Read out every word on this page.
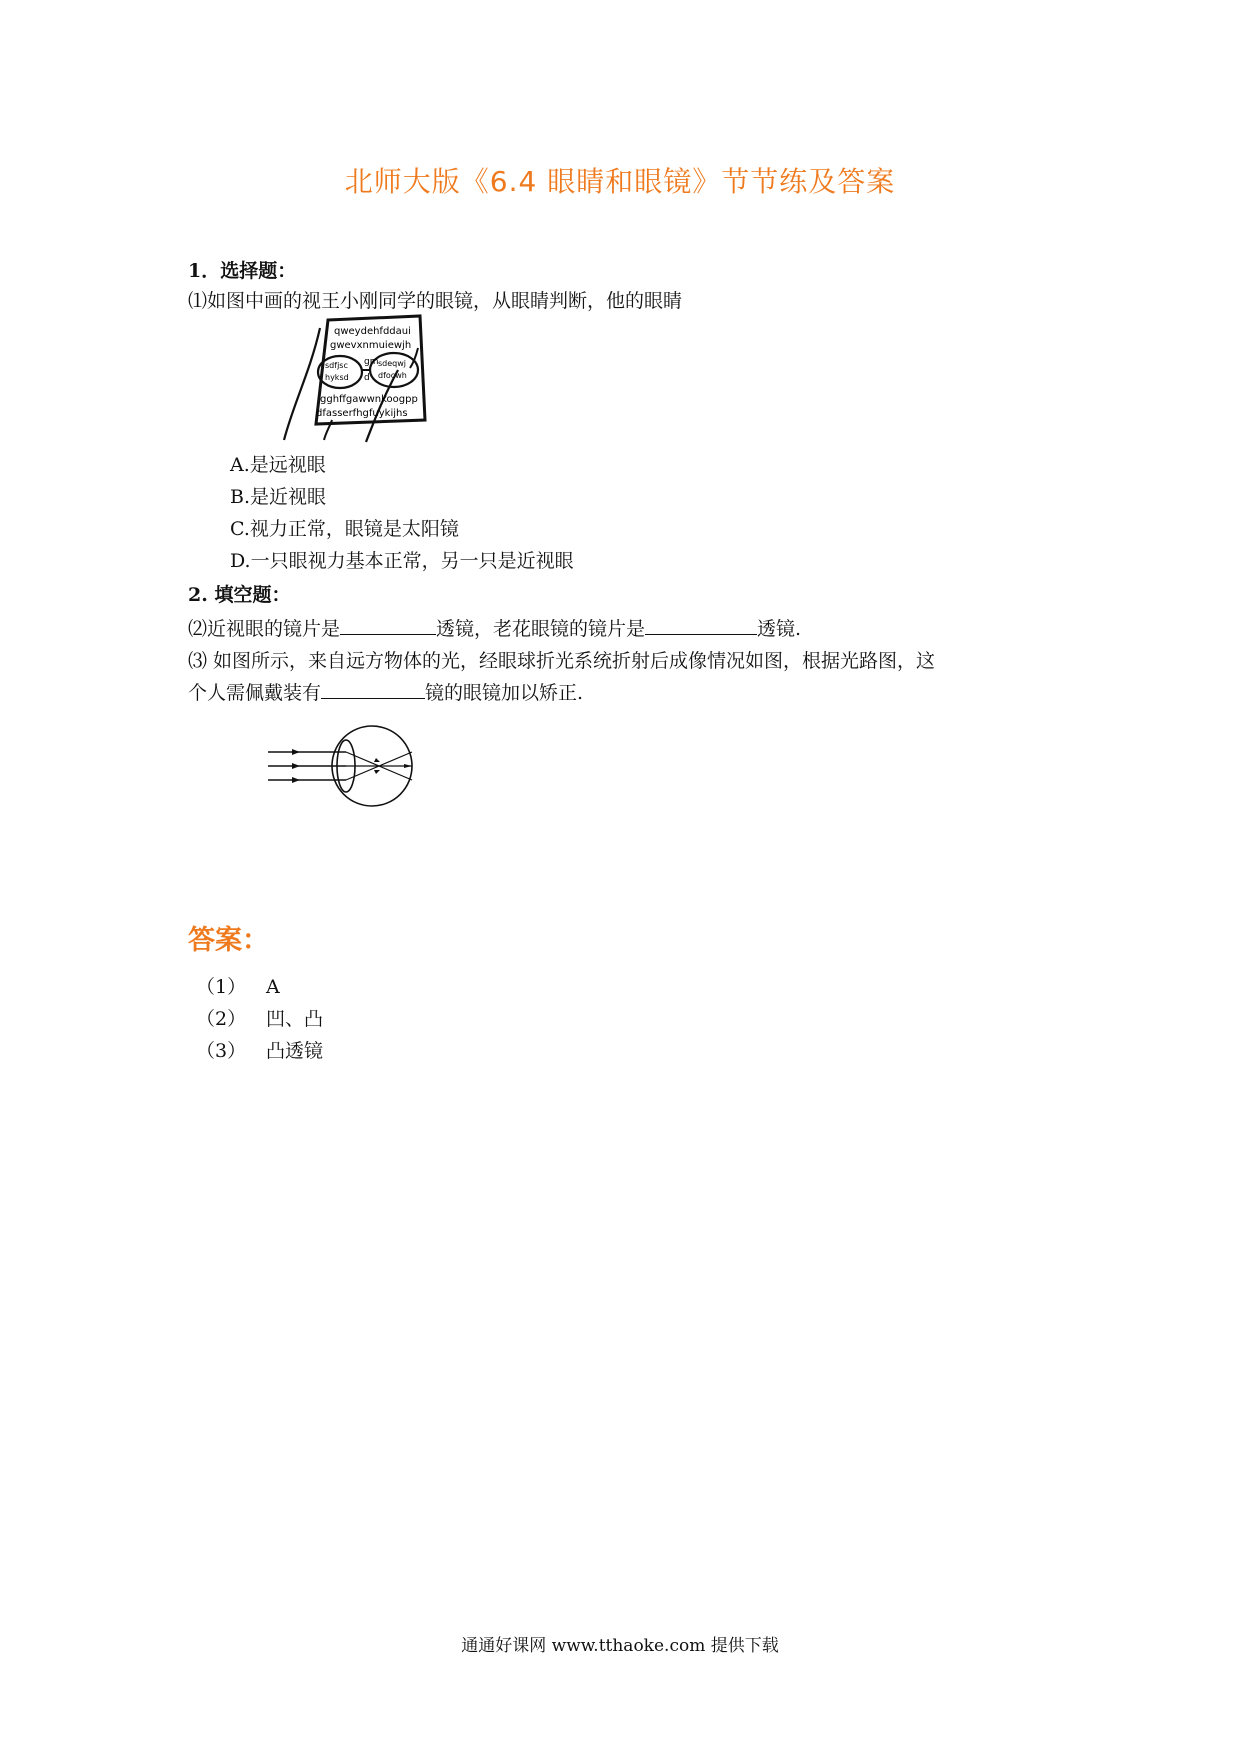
北师大版《6.4 眼睛和眼镜》节节练及答案
1．选择题：
⑴如图中画的视王小刚同学的眼镜，从眼睛判断，他的眼睛
qweydehfddaui
gwevxnmuiewjh
sdfjsc
hyksd
gm
d
sdeqwj
dfocwh
gghffgawwnkoogpp
dfasserfhgfuykijhs
A.是远视眼
B.是近视眼
C.视力正常，眼镜是太阳镜
D.一只眼视力基本正常，另一只是近视眼
2. 填空题：
⑵近视眼的镜片是	透镜，老花眼镜的镜片是	透镜.
⑶ 如图所示，来自远方物体的光，经眼球折光系统折射后成像情况如图，根据光路图，这
个人需佩戴装有	镜的眼镜加以矫正.
答案：
（1） A
（2） 凹、凸
（3） 凸透镜
通通好课网 www.tthaoke.com 提供下载
